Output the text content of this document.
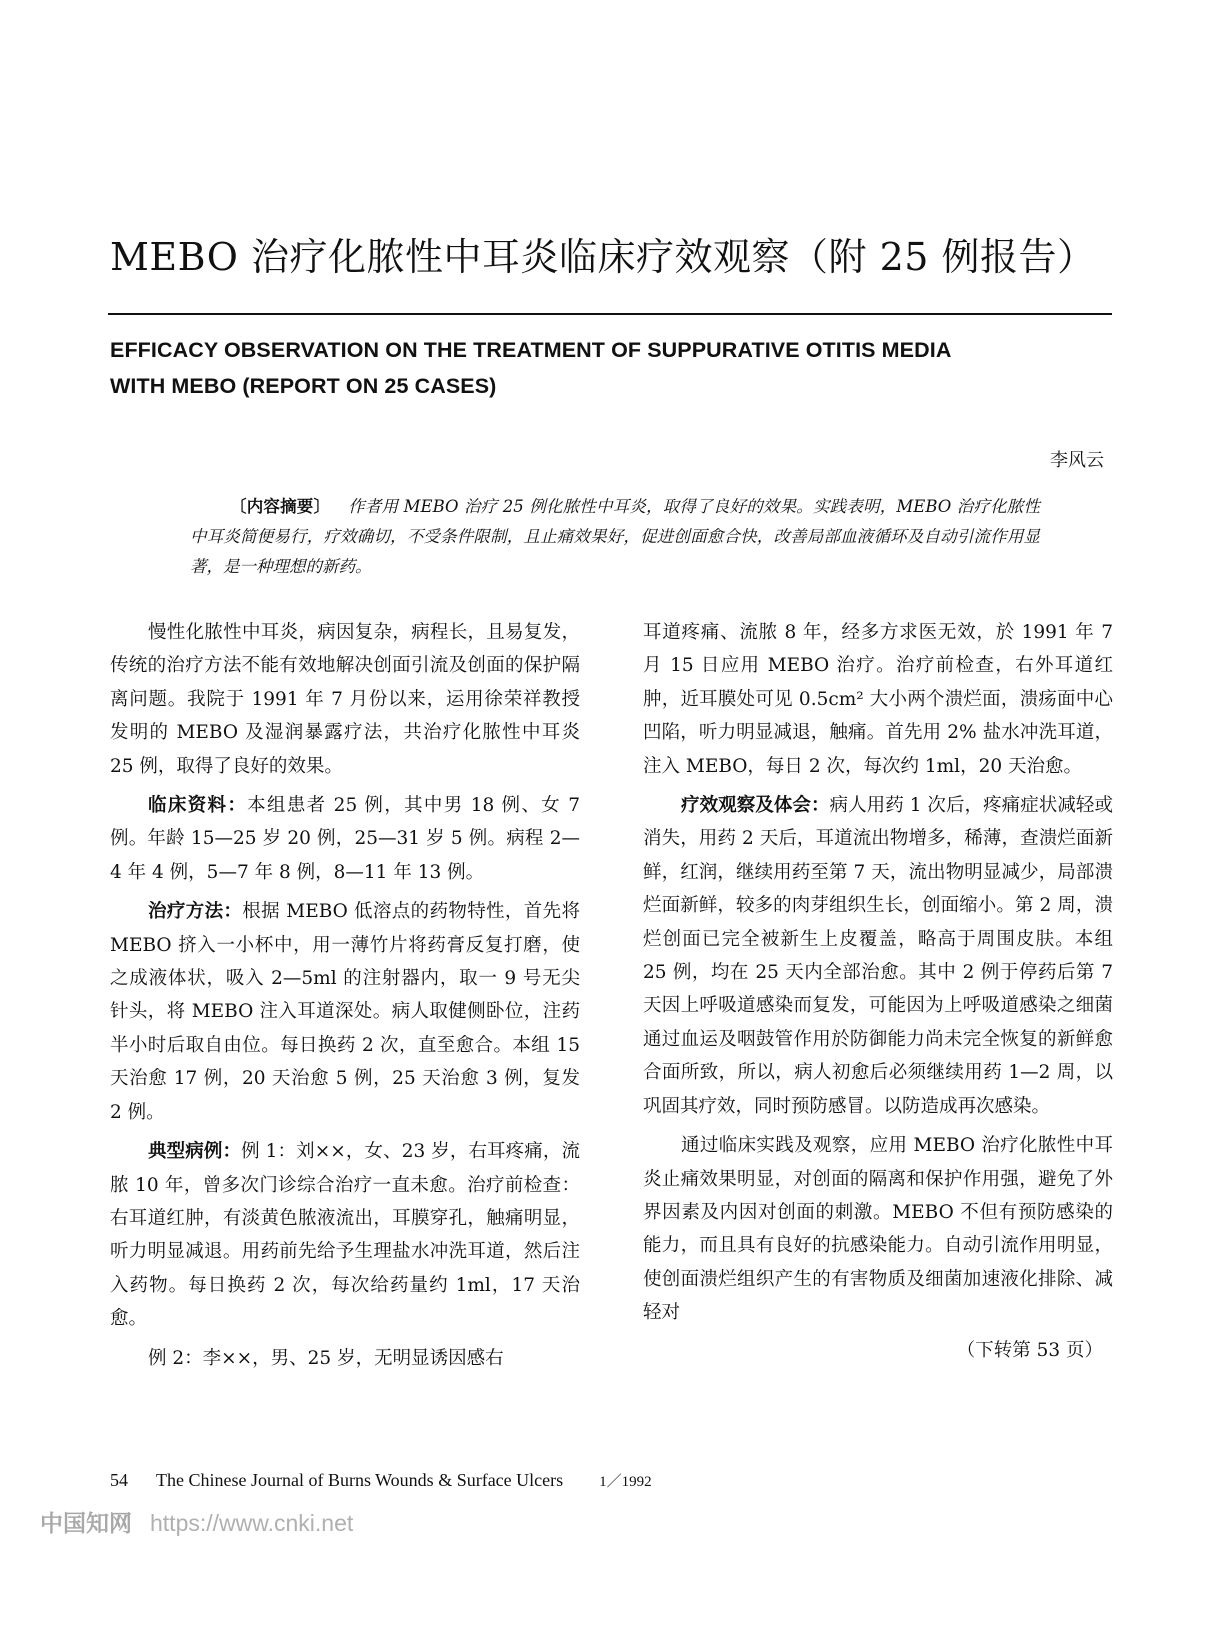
MEBO 治疗化脓性中耳炎临床疗效观察（附 25 例报告）
EFFICACY OBSERVATION ON THE TREATMENT OF SUPPURATIVE OTITIS MEDIA
WITH MEBO (REPORT ON 25 CASES)
李风云
〔内容摘要〕 作者用 MEBO 治疗 25 例化脓性中耳炎，取得了良好的效果。实践表明，MEBO 治疗化脓性中耳炎简便易行，疗效确切，不受条件限制，且止痛效果好，促进创面愈合快，改善局部血液循环及自动引流作用显著，是一种理想的新药。

慢性化脓性中耳炎，病因复杂，病程长，且易复发，传统的治疗方法不能有效地解决创面引流及创面的保护隔离问题。我院于 1991 年 7 月份以来，运用徐荣祥教授发明的 MEBO 及湿润暴露疗法，共治疗化脓性中耳炎 25 例，取得了良好的效果。

临床资料：本组患者 25 例，其中男 18 例、女 7 例。年龄 15—25 岁 20 例，25—31 岁 5 例。病程 2—4 年 4 例，5—7 年 8 例，8—11 年 13 例。

治疗方法：根据 MEBO 低溶点的药物特性，首先将 MEBO 挤入一小杯中，用一薄竹片将药膏反复打磨，使之成液体状，吸入 2—5ml 的注射器内，取一 9 号无尖针头，将 MEBO 注入耳道深处。病人取健侧卧位，注药半小时后取自由位。每日换药 2 次，直至愈合。本组 15 天治愈 17 例，20 天治愈 5 例，25 天治愈 3 例，复发 2 例。

典型病例：例 1：刘××，女、23 岁，右耳疼痛，流脓 10 年，曾多次门诊综合治疗一直未愈。治疗前检查：右耳道红肿，有淡黄色脓液流出，耳膜穿孔，触痛明显，听力明显减退。用药前先给予生理盐水冲洗耳道，然后注入药物。每日换药 2 次，每次给药量约 1ml，17 天治愈。

例 2：李××，男、25 岁，无明显诱因感右

耳道疼痛、流脓 8 年，经多方求医无效，於 1991 年 7 月 15 日应用 MEBO 治疗。治疗前检查，右外耳道红肿，近耳膜处可见 0.5cm² 大小两个溃烂面，溃疡面中心凹陷，听力明显减退，触痛。首先用 2% 盐水冲洗耳道，注入 MEBO，每日 2 次，每次约 1ml，20 天治愈。

疗效观察及体会：病人用药 1 次后，疼痛症状减轻或消失，用药 2 天后，耳道流出物增多，稀薄，查溃烂面新鲜，红润，继续用药至第 7 天，流出物明显减少，局部溃烂面新鲜，较多的肉芽组织生长，创面缩小。第 2 周，溃烂创面已完全被新生上皮覆盖，略高于周围皮肤。本组 25 例，均在 25 天内全部治愈。其中 2 例于停药后第 7 天因上呼吸道感染而复发，可能因为上呼吸道感染之细菌通过血运及咽鼓管作用於防御能力尚未完全恢复的新鲜愈合面所致，所以，病人初愈后必须继续用药 1—2 周，以巩固其疗效，同时预防感冒。以防造成再次感染。

通过临床实践及观察，应用 MEBO 治疗化脓性中耳炎止痛效果明显，对创面的隔离和保护作用强，避免了外界因素及内因对创面的刺激。MEBO 不但有预防感染的能力，而且具有良好的抗感染能力。自动引流作用明显，使创面溃烂组织产生的有害物质及细菌加速液化排除、减轻对

（下转第 53 页）
54 The Chinese Journal of Burns Wounds & Surface Ulcers 1／1992
中国知网 https://www.cnki.net
